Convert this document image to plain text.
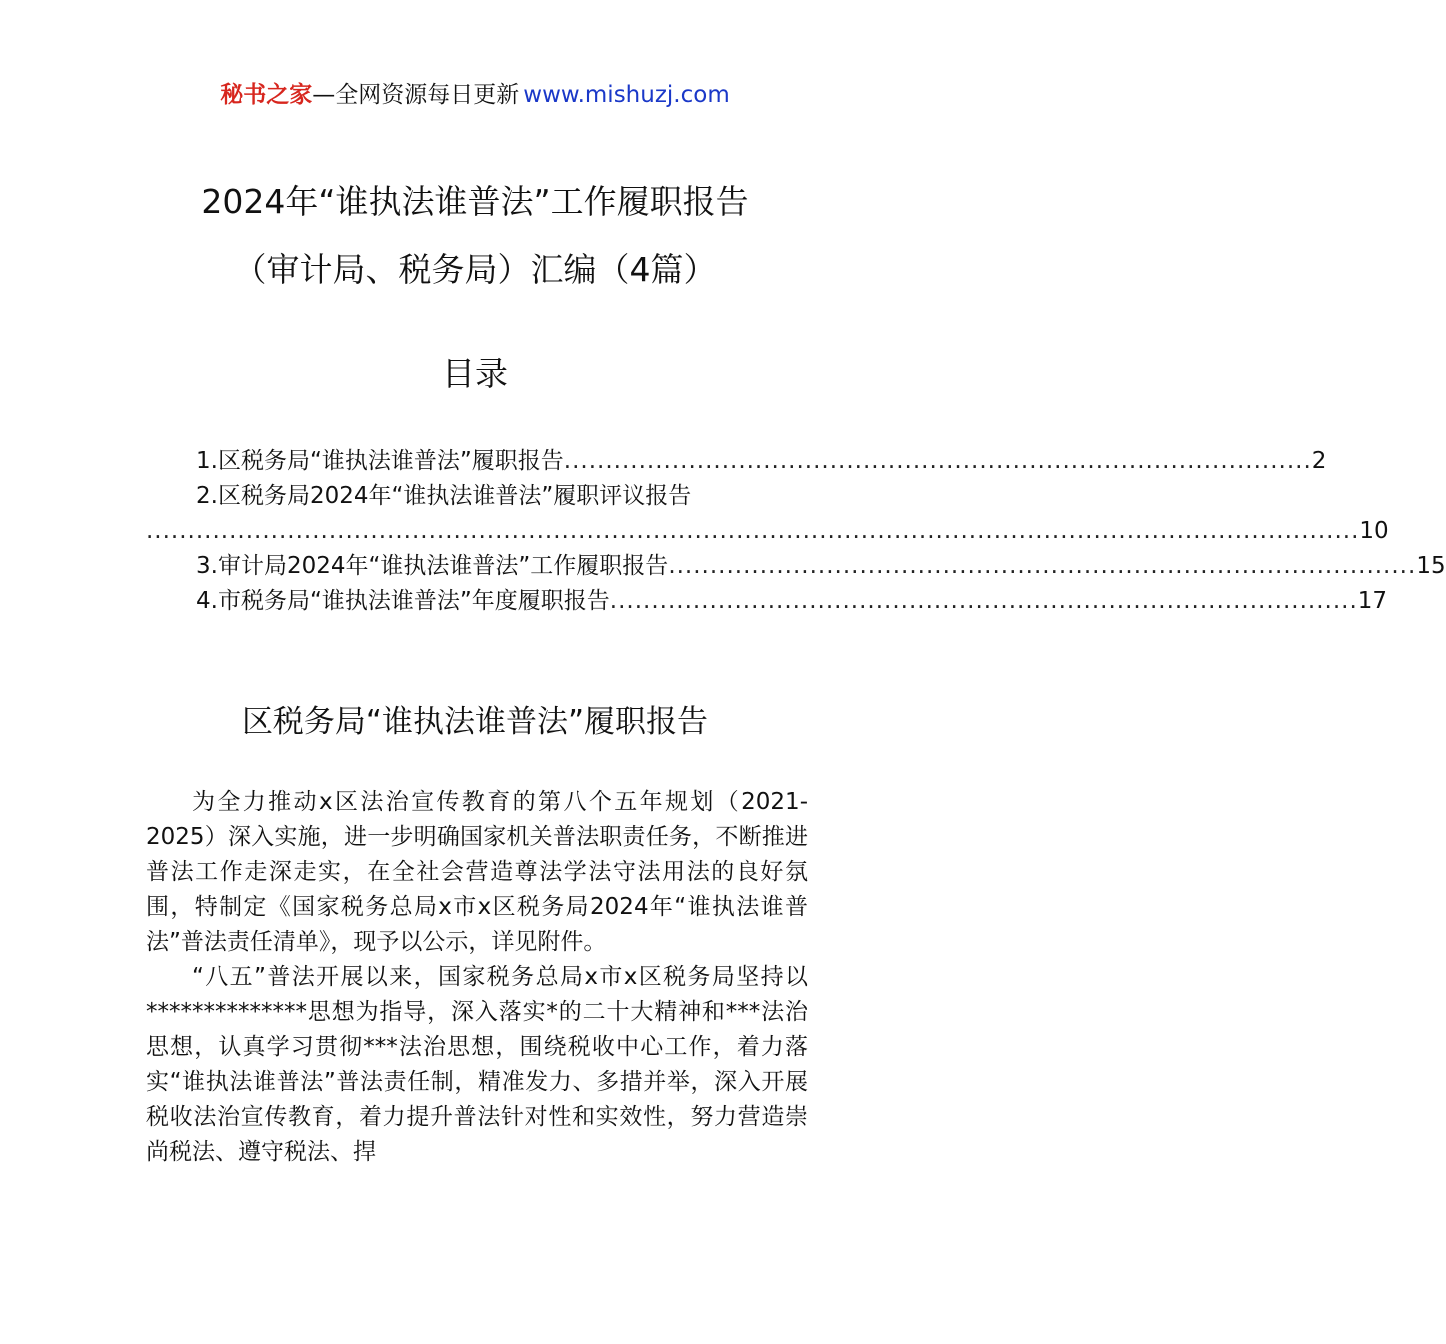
秘书之家—全网资源每日更新 www.mishuzj.com
2024年“谁执法谁普法”工作履职报告
（审计局、税务局）汇编（4篇）
目录
1.区税务局“谁执法谁普法”履职报告 .......................................................................................... 2
2.区税务局2024年“谁执法谁普法”履职评议报告
.................................................................................................................................................. 10
3.审计局2024年“谁执法谁普法”工作履职报告 .......................................................................................... 15
4.市税务局“谁执法谁普法”年度履职报告 .......................................................................................... 17
区税务局“谁执法谁普法”履职报告

为全力推动x区法治宣传教育的第八个五年规划（2021-2025）深入实施，进一步明确国家机关普法职责任务，不断推进普法工作走深走实，在全社会营造尊法学法守法用法的良好氛围，特制定《国家税务总局x市x区税务局2024年“谁执法谁普法”普法责任清单》，现予以公示，详见附件。

“八五”普法开展以来，国家税务总局x市x区税务局坚持以**************思想为指导，深入落实*的二十大精神和***法治思想，认真学习贯彻***法治思想，围绕税收中心工作，着力落实“谁执法谁普法”普法责任制，精准发力、多措并举，深入开展税收法治宣传教育，着力提升普法针对性和实效性，努力营造崇尚税法、遵守税法、捍
